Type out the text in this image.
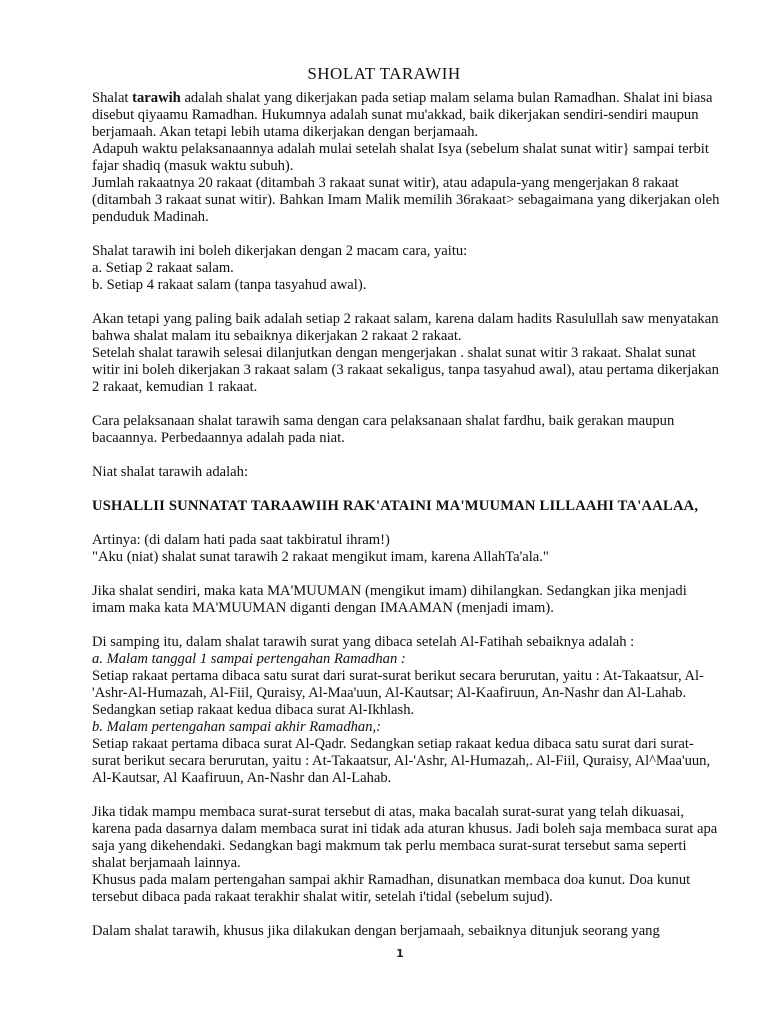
SHOLAT TARAWIH

Shalat tarawih adalah shalat yang dikerjakan pada setiap malam selama bulan Ramadhan. Shalat ini biasa disebut qiyaamu Ramadhan. Hukumnya adalah sunat mu'akkad, baik dikerjakan sendiri-sendiri maupun berjamaah. Akan tetapi lebih utama dikerjakan dengan berjamaah.

Adapuh waktu pelaksanaannya adalah mulai setelah shalat Isya (sebelum shalat sunat witir} sampai terbit fajar shadiq (masuk waktu subuh).

Jumlah rakaatnya 20 rakaat (ditambah 3 rakaat sunat witir), atau adapula-yang mengerjakan 8 rakaat (ditambah 3 rakaat sunat witir). Bahkan Imam Malik memilih 36rakaat> sebagaimana yang dikerjakan oleh penduduk Madinah.

Shalat tarawih ini boleh dikerjakan dengan 2 macam cara, yaitu:

a. Setiap 2 rakaat salam.

b. Setiap 4 rakaat salam (tanpa tasyahud awal).

Akan tetapi yang paling baik adalah setiap 2 rakaat salam, karena dalam hadits Rasulullah saw menyatakan bahwa shalat malam itu sebaiknya dikerjakan 2 rakaat 2 rakaat.

Setelah shalat tarawih selesai dilanjutkan dengan mengerjakan . shalat sunat witir 3 rakaat. Shalat sunat witir ini boleh dikerjakan 3 rakaat salam (3 rakaat sekaligus, tanpa tasyahud awal), atau pertama dikerjakan 2 rakaat, kemudian 1 rakaat.

Cara pelaksanaan shalat tarawih sama dengan cara pelaksanaan shalat fardhu, baik gerakan maupun bacaannya. Perbedaannya adalah pada niat.

Niat shalat tarawih adalah:

USHALLII SUNNATAT TARAAWIIH RAK'ATAINI MA'MUUMAN LILLAAHI TA'AALAA,

Artinya: (di dalam hati pada saat takbiratul ihram!)

"Aku (niat) shalat sunat tarawih 2 rakaat mengikut imam, karena AllahTa'ala."

Jika shalat sendiri, maka kata MA'MUUMAN (mengikut imam) dihilangkan. Sedangkan jika menjadi imam maka kata MA'MUUMAN diganti dengan IMAAMAN (menjadi imam).

Di samping itu, dalam shalat tarawih surat yang dibaca setelah Al-Fatihah sebaiknya adalah :

a. Malam tanggal 1 sampai pertengahan Ramadhan :

Setiap rakaat pertama dibaca satu surat dari surat-surat berikut secara berurutan, yaitu : At-Takaatsur, Al-'Ashr-Al-Humazah, Al-Fiil, Quraisy, Al-Maa'uun, Al-Kautsar; Al-Kaafiruun, An-Nashr dan Al-Lahab. Sedangkan setiap rakaat kedua dibaca surat Al-Ikhlash.

b. Malam pertengahan sampai akhir Ramadhan,:

Setiap rakaat pertama dibaca surat Al-Qadr. Sedangkan setiap rakaat kedua dibaca satu surat dari surat-surat berikut secara berurutan, yaitu : At-Takaatsur, Al-'Ashr, Al-Humazah,. Al-Fiil, Quraisy, Al^Maa'uun, Al-Kautsar, Al Kaafiruun, An-Nashr dan Al-Lahab.

Jika tidak mampu membaca surat-surat tersebut di atas, maka bacalah surat-surat yang telah dikuasai, karena pada dasarnya dalam membaca surat ini tidak ada aturan khusus. Jadi boleh saja membaca surat apa saja yang dikehendaki. Sedangkan bagi makmum tak perlu membaca surat-surat tersebut sama seperti shalat berjamaah lainnya.

Khusus pada malam pertengahan sampai akhir Ramadhan, disunatkan membaca doa kunut. Doa kunut tersebut dibaca pada rakaat terakhir shalat witir, setelah i'tidal (sebelum sujud).

Dalam shalat tarawih, khusus jika dilakukan dengan berjamaah, sebaiknya ditunjuk seorang yang

1
